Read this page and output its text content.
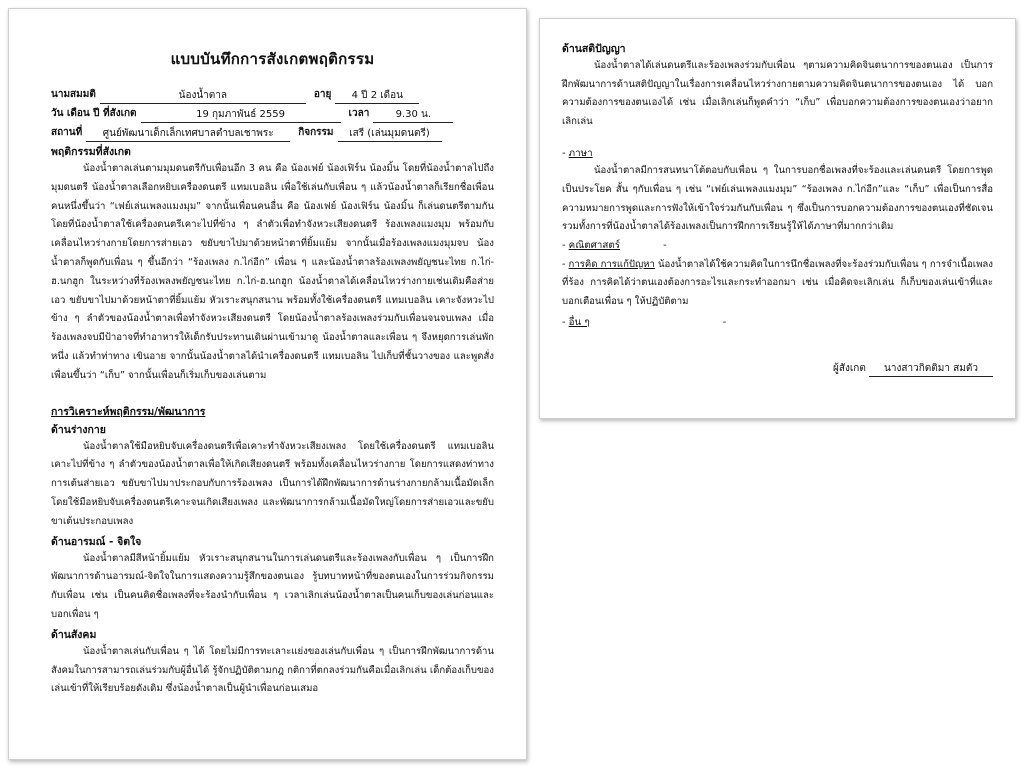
แบบบันทึกการสังเกตพฤติกรรม
นามสมมติ	น้องน้ำตาล	อายุ	4 ปี 2 เดือน
วัน เดือน ปี ที่สังเกต	19 กุมภาพันธ์ 2559	เวลา	9.30 น.
สถานที่	ศูนย์พัฒนาเด็กเล็กเทศบาลตำบลเชาพระ	กิจกรรม	เสรี (เล่นมุมดนตรี)
พฤติกรรมที่สังเกต

น้องน้ำตาลเล่นตามมุมดนตรีกับเพื่อนอีก 3 คน คือ น้องเฟย์ น้องเฟิร์น น้องมิ้น โดยที่น้องน้ำตาลไปถึงมุมดนตรี น้องน้ำตาลเลือกหยิบเครื่องดนตรี แทมเบอลิน เพื่อใช้เล่นกับเพื่อน ๆ แล้วน้องน้ำตาลก็เรียกชื่อเพื่อนคนหนึ่งขึ้นว่า “เฟย์เล่นเพลงแมงมุม” จากนั้นเพื่อนคนอื่น คือ น้องเฟย์ น้องเฟิร์น น้องมิ้น ก็เล่นดนตรีตามกัน โดยที่น้องน้ำตาลใช้เครื่องดนตรีเคาะไปที่ข้าง ๆ ลำตัวเพื่อทำจังหวะเสียงดนตรี ร้องเพลงแมงมุม พร้อมกับเคลื่อนไหวร่างกายโดยการส่ายเอว ขยับขาไปมาด้วยหน้าตาที่ยิ้มแย้ม จากนั้นเมื่อร้องเพลงแมงมุมจบ น้องน้ำตาลก็พูดกับเพื่อน ๆ ขึ้นอีกว่า “ร้องเพลง ก.ไก่อีก” เพื่อน ๆ และน้องน้ำตาลร้องเพลงพยัญชนะไทย ก.ไก่-ฮ.นกฮูก ในระหว่างที่ร้องเพลงพยัญชนะไทย ก.ไก่-ฮ.นกฮูก น้องน้ำตาลได้เคลื่อนไหวร่างกายเช่นเดิมคือส่ายเอว ขยับขาไปมาด้วยหน้าตาที่ยิ้มแย้ม หัวเราะสนุกสนาน พร้อมทั้งใช้เครื่องดนตรี แทมเบอลิน เคาะจังหวะไปข้าง ๆ ลำตัวของน้องน้ำตาลเพื่อทำจังหวะเสียงดนตรี โดยน้องน้ำตาลร้องเพลงร่วมกับเพื่อนจนจบเพลง เมื่อร้องเพลงจบมีป้าอาจที่ทำอาหารให้เด็กรับประทานเดินผ่านเข้ามาดู น้องน้ำตาลและเพื่อน ๆ จึงหยุดการเล่นพักหนึ่ง แล้วทำท่าทาง เขินอาย จากนั้นน้องน้ำตาลได้นำเครื่องดนตรี แทมเบอลิน ไปเก็บที่ชั้นวางของ และพูดสั่งเพื่อนขึ้นว่า “เก็บ” จากนั้นเพื่อนก็เริ่มเก็บของเล่นตาม

การวิเคราะห์พฤติกรรม/พัฒนาการ
ด้านร่างกาย

น้องน้ำตาลใช้มือหยิบจับเครื่องดนตรีเพื่อเคาะทำจังหวะเสียงเพลง โดยใช้เครื่องดนตรี แทมเบอลิน เคาะไปที่ข้าง ๆ ลำตัวของน้องน้ำตาลเพื่อให้เกิดเสียงดนตรี พร้อมทั้งเคลื่อนไหวร่างกาย โดยการแสดงท่าทางการเต้นส่ายเอว ขยับขาไปมาประกอบกับการร้องเพลง เป็นการได้ฝึกพัฒนาการด้านร่างกายกล้ามเนื้อมัดเล็กโดยใช้มือหยิบจับเครื่องดนตรีเคาะจนเกิดเสียงเพลง และพัฒนาการกล้ามเนื้อมัดใหญ่โดยการส่ายเอวและขยับขาเต้นประกอบเพลง

ด้านอารมณ์ - จิตใจ

น้องน้ำตาลมีสีหน้ายิ้มแย้ม หัวเราะสนุกสนานในการเล่นดนตรีและร้องเพลงกับเพื่อน ๆ เป็นการฝึกพัฒนาการด้านอารมณ์-จิตใจในการแสดงความรู้สึกของตนเอง รู้บทบาทหน้าที่ของตนเองในการร่วมกิจกรรมกับเพื่อน เช่น เป็นคนคิดชื่อเพลงที่จะร้องนำกับเพื่อน ๆ เวลาเลิกเล่นน้องน้ำตาลเป็นคนเก็บของเล่นก่อนและบอกเพื่อน ๆ

ด้านสังคม

น้องน้ำตาลเล่นกับเพื่อน ๆ ได้ โดยไม่มีการทะเลาะแย่งของเล่นกับเพื่อน ๆ เป็นการฝึกพัฒนาการด้านสังคมในการสามารถเล่นร่วมกับผู้อื่นได้ รู้จักปฏิบัติตามกฎ กติกาที่ตกลงร่วมกันคือเมื่อเลิกเล่น เด็กต้องเก็บของเล่นเข้าที่ให้เรียบร้อยดังเดิม ซึ่งน้องน้ำตาลเป็นผู้นำเพื่อนก่อนเสมอ

ด้านสติปัญญา

น้องน้ำตาลได้เล่นดนตรีและร้องเพลงร่วมกับเพื่อน ๆตามความคิดจินตนาการของตนเอง เป็นการฝึกพัฒนาการด้านสติปัญญาในเรื่องการเคลื่อนไหวร่างกายตามความคิดจินตนาการของตนเอง ได้ บอกความต้องการของตนเองได้ เช่น เมื่อเลิกเล่นก็พูดคำว่า “เก็บ” เพื่อบอกความต้องการของตนเองว่าอยากเลิกเล่น

- ภาษา

น้องน้ำตาลมีการสนทนาโต้ตอบกับเพื่อน ๆ ในการบอกชื่อเพลงที่จะร้องและเล่นดนตรี โดยการพูดเป็นประโยค สั้น ๆกับเพื่อน ๆ เช่น “เฟย์เล่นเพลงแมงมุม” “ร้องเพลง ก.ไก่อีก”และ “เก็บ” เพื่อเป็นการสื่อความหมายการพูดและการฟังให้เข้าใจร่วมกันกับเพื่อน ๆ ซึ่งเป็นการบอกความต้องการของตนเองที่ชัดเจน รวมทั้งการที่น้องน้ำตาลได้ร้องเพลงเป็นการฝึกการเรียนรู้ให้ได้ภาษาที่มากกว่าเดิม

- คณิตศาสตร์	-

- การคิด การแก้ปัญหา น้องน้ำตาลได้ใช้ความคิดในการนึกชื่อเพลงที่จะร้องร่วมกับเพื่อน ๆ การจำเนื้อเพลงที่ร้อง การคิดได้ว่าตนเองต้องการอะไรและกระทำออกมา เช่น เมื่อคิดจะเลิกเล่น ก็เก็บของเล่นเข้าที่และบอกเตือนเพื่อน ๆ ให้ปฏิบัติตาม

- อื่น ๆ	-
ผู้สังเกต นางสาวกิตติมา สมตัว
